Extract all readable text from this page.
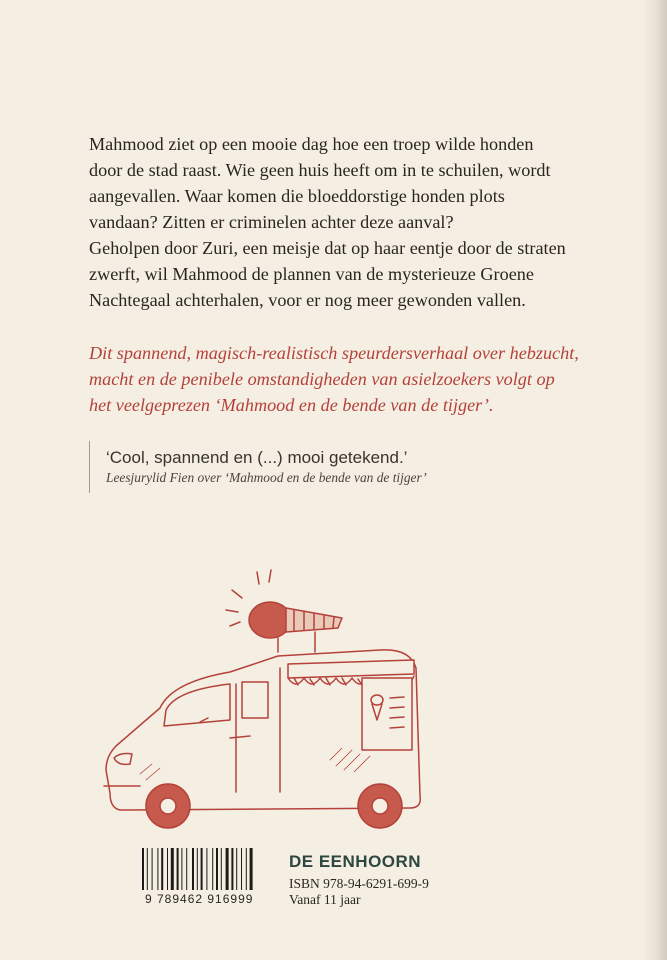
Mahmood ziet op een mooie dag hoe een troep wilde honden

door de stad raast. Wie geen huis heeft om in te schuilen, wordt

aangevallen. Waar komen die bloeddorstige honden plots

vandaan? Zitten er criminelen achter deze aanval?

Geholpen door Zuri, een meisje dat op haar eentje door de straten

zwerft, wil Mahmood de plannen van de mysterieuze Groene

Nachtegaal achterhalen, voor er nog meer gewonden vallen.

Dit spannend, magisch-realistisch speurdersverhaal over hebzucht,
macht en de penibele omstandigheden van asielzoekers volgt op
het veelgeprezen ‘Mahmood en de bende van de tijger’.
‘Cool, spannend en (...) mooi getekend.’
Leesjurylid Fien over ‘Mahmood en de bende van de tijger’
9 789462 916999
DE EENHOORN
ISBN 978-94-6291-699-9
Vanaf 11 jaar
